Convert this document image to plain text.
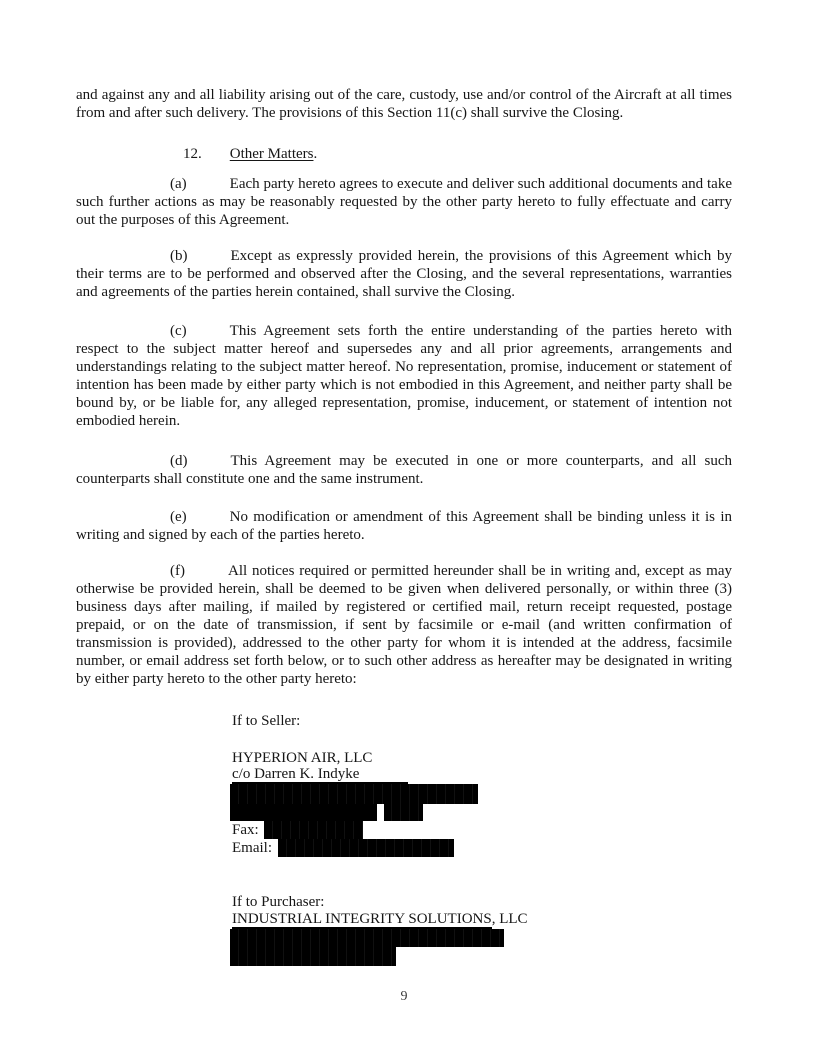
and against any and all liability arising out of the care, custody, use and/or control of the Aircraft at all times from and after such delivery. The provisions of this Section 11(c) shall survive the Closing.

12. Other Matters.

(a)	Each party hereto agrees to execute and deliver such additional documents and take such further actions as may be reasonably requested by the other party hereto to fully effectuate and carry out the purposes of this Agreement.

(b)	Except as expressly provided herein, the provisions of this Agreement which by their terms are to be performed and observed after the Closing, and the several representations, warranties and agreements of the parties herein contained, shall survive the Closing.

(c)	This Agreement sets forth the entire understanding of the parties hereto with respect to the subject matter hereof and supersedes any and all prior agreements, arrangements and understandings relating to the subject matter hereof. No representation, promise, inducement or statement of intention has been made by either party which is not embodied in this Agreement, and neither party shall be bound by, or be liable for, any alleged representation, promise, inducement, or statement of intention not embodied herein.

(d)	This Agreement may be executed in one or more counterparts, and all such counterparts shall constitute one and the same instrument.

(e)	No modification or amendment of this Agreement shall be binding unless it is in writing and signed by each of the parties hereto.

(f)	All notices required or permitted hereunder shall be in writing and, except as may otherwise be provided herein, shall be deemed to be given when delivered personally, or within three (3) business days after mailing, if mailed by registered or certified mail, return receipt requested, postage prepaid, or on the date of transmission, if sent by facsimile or e-mail (and written confirmation of transmission is provided), addressed to the other party for whom it is intended at the address, facsimile number, or email address set forth below, or to such other address as hereafter may be designated in writing by either party hereto to the other party hereto:

If to Seller:
HYPERION AIR, LLC
c/o Darren K. Indyke
Fax:
Email:
If to Purchaser:
INDUSTRIAL INTEGRITY SOLUTIONS, LLC
9
